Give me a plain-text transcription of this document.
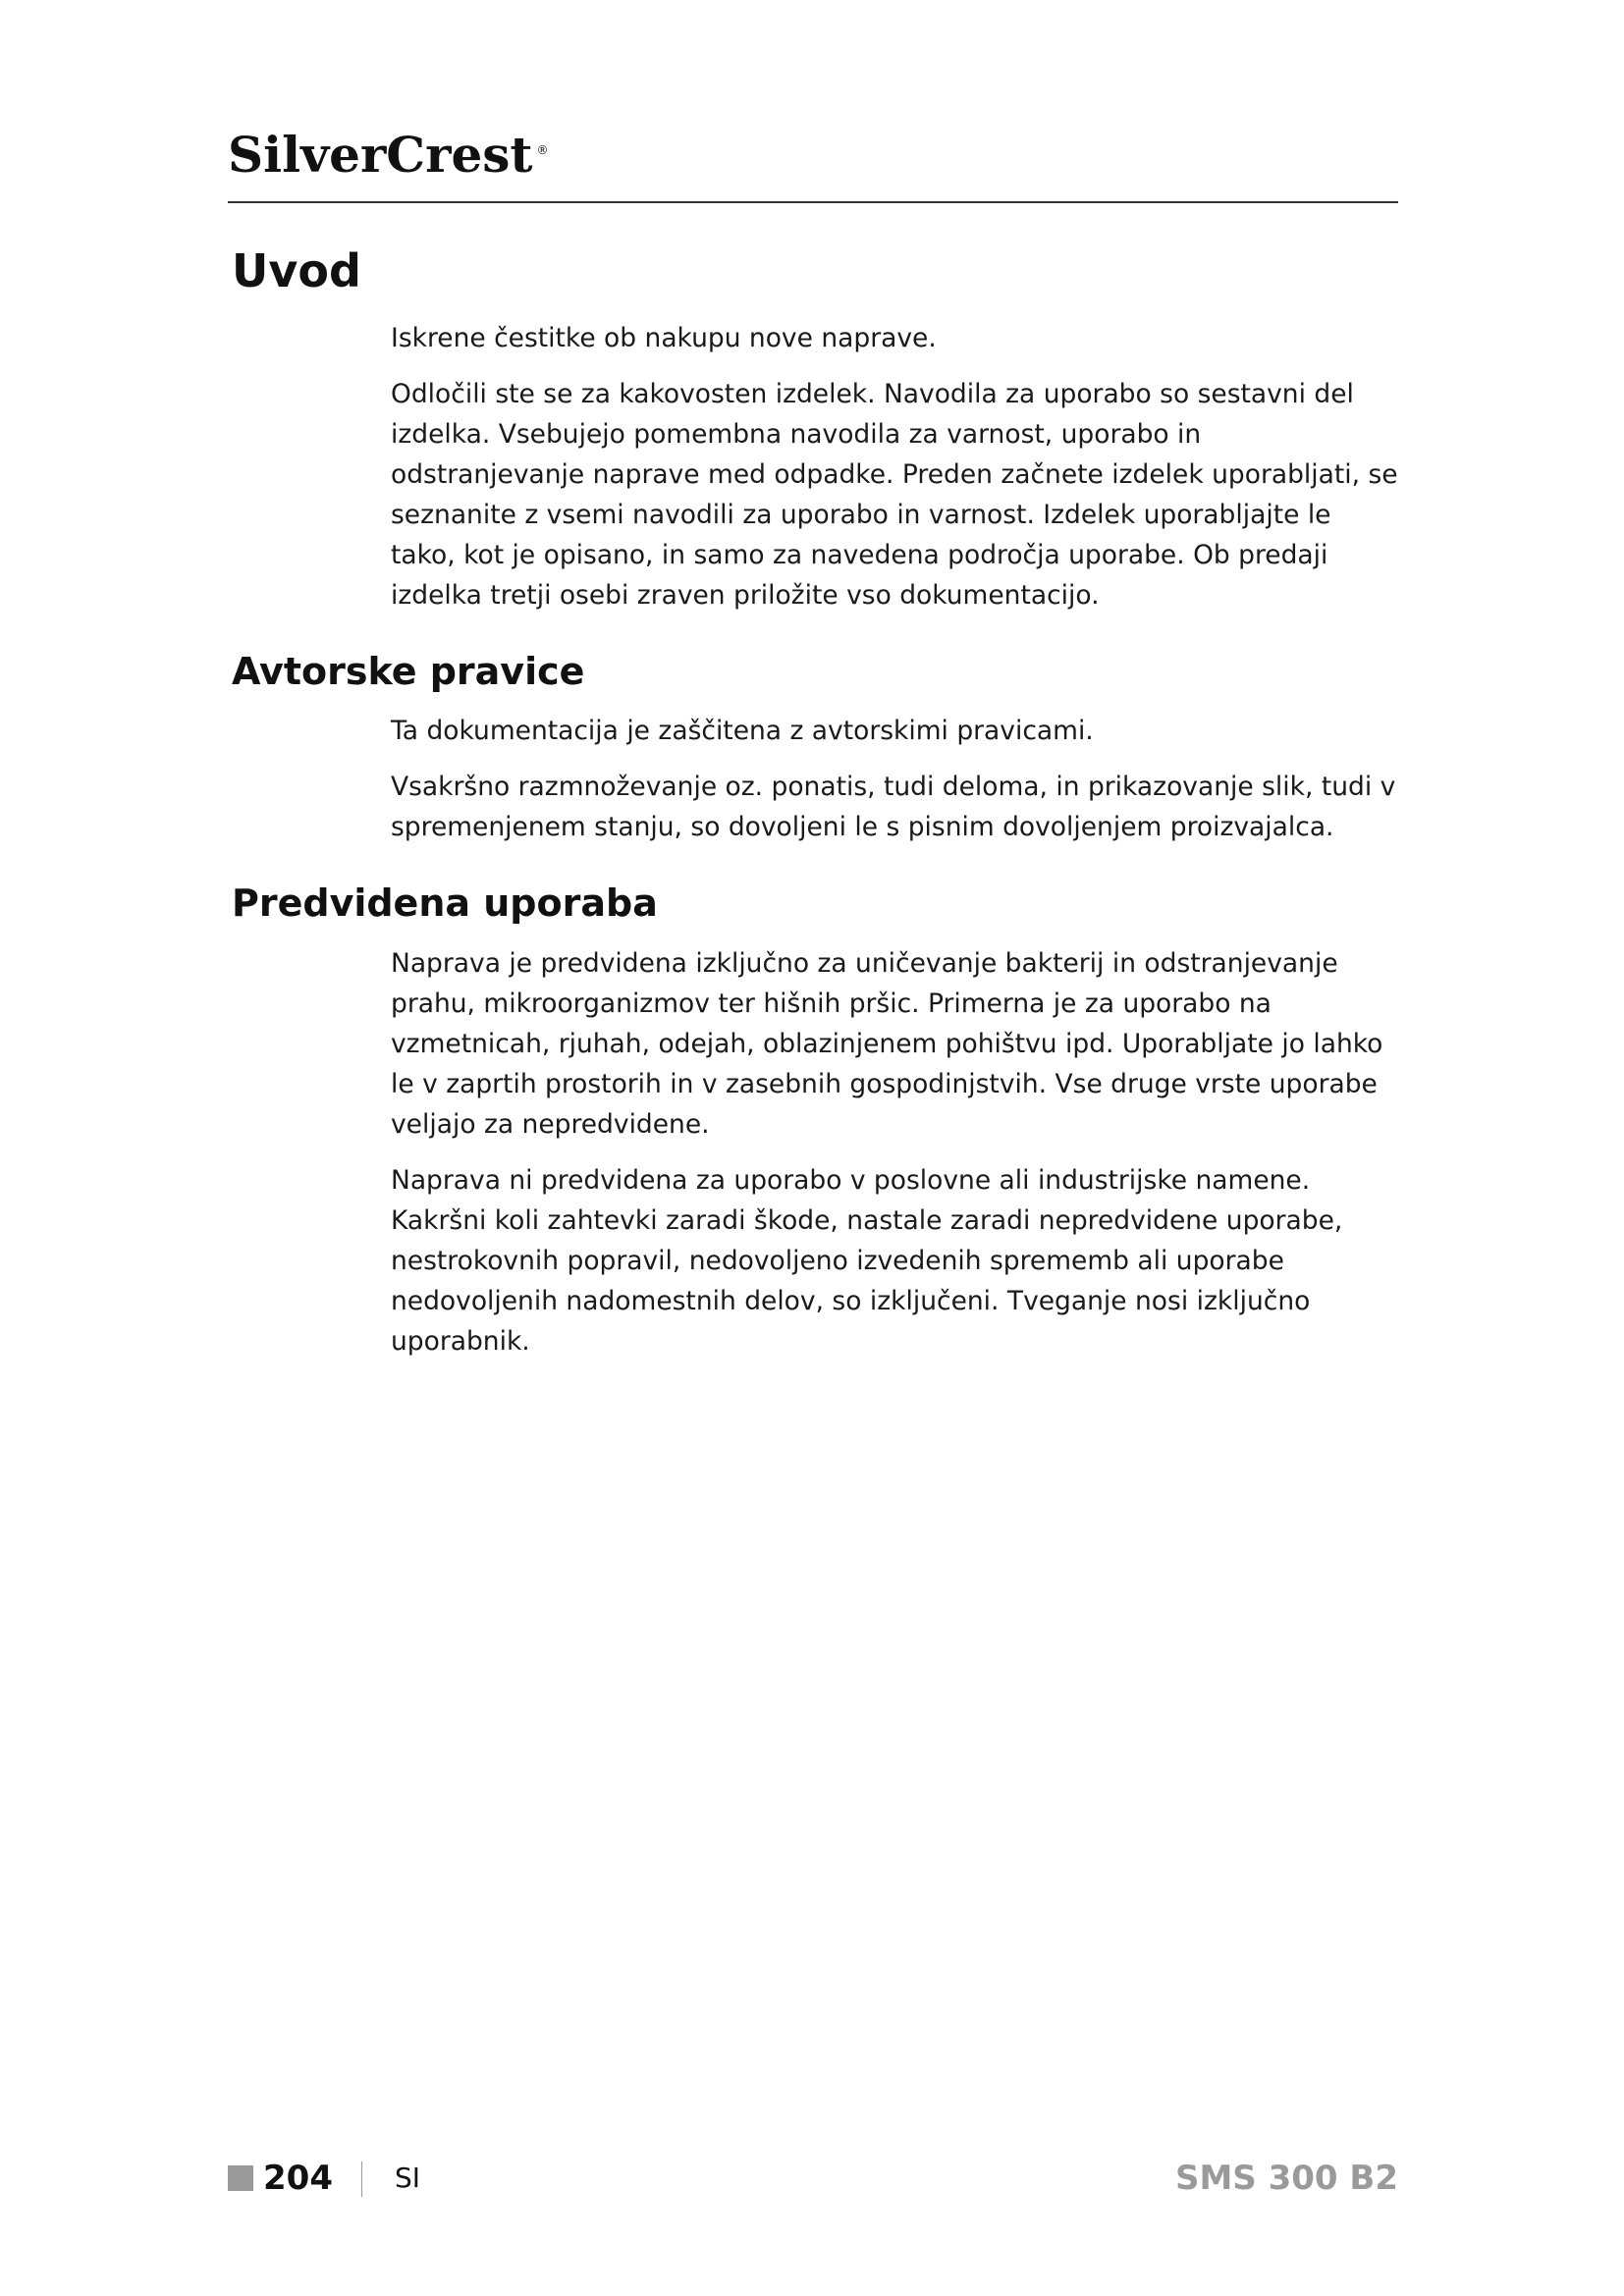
SilverCrest ®
Uvod

Iskrene čestitke ob nakupu nove naprave.

Odločili ste se za kakovosten izdelek. Navodila za uporabo so sestavni del izdelka. Vsebujejo pomembna navodila za varnost, uporabo in odstranjevanje naprave med odpadke. Preden začnete izdelek uporabljati, se seznanite z vsemi navodili za uporabo in varnost. Izdelek uporabljajte le tako, kot je opisano, in samo za navedena področja uporabe. Ob predaji izdelka tretji osebi zraven priložite vso dokumentacijo.

Avtorske pravice

Ta dokumentacija je zaščitena z avtorskimi pravicami.

Vsakršno razmnoževanje oz. ponatis, tudi deloma, in prikazovanje slik, tudi v spremenjenem stanju, so dovoljeni le s pisnim dovoljenjem proizvajalca.

Predvidena uporaba

Naprava je predvidena izključno za uničevanje bakterij in odstranjevanje prahu, mikroorganizmov ter hišnih pršic. Primerna je za uporabo na vzmetnicah, rjuhah, odejah, oblazinjenem pohištvu ipd. Uporabljate jo lahko le v zaprtih prostorih in v zasebnih gospodinjstvih. Vse druge vrste uporabe veljajo za nepredvidene.

Naprava ni predvidena za uporabo v poslovne ali industrijske namene. Kakršni koli zahtevki zaradi škode, nastale zaradi nepredvidene uporabe, nestrokovnih popravil, nedovoljeno izvedenih sprememb ali uporabe nedovoljenih nadomestnih delov, so izključeni. Tveganje nosi izključno uporabnik.

204 SI	SMS 300 B2
